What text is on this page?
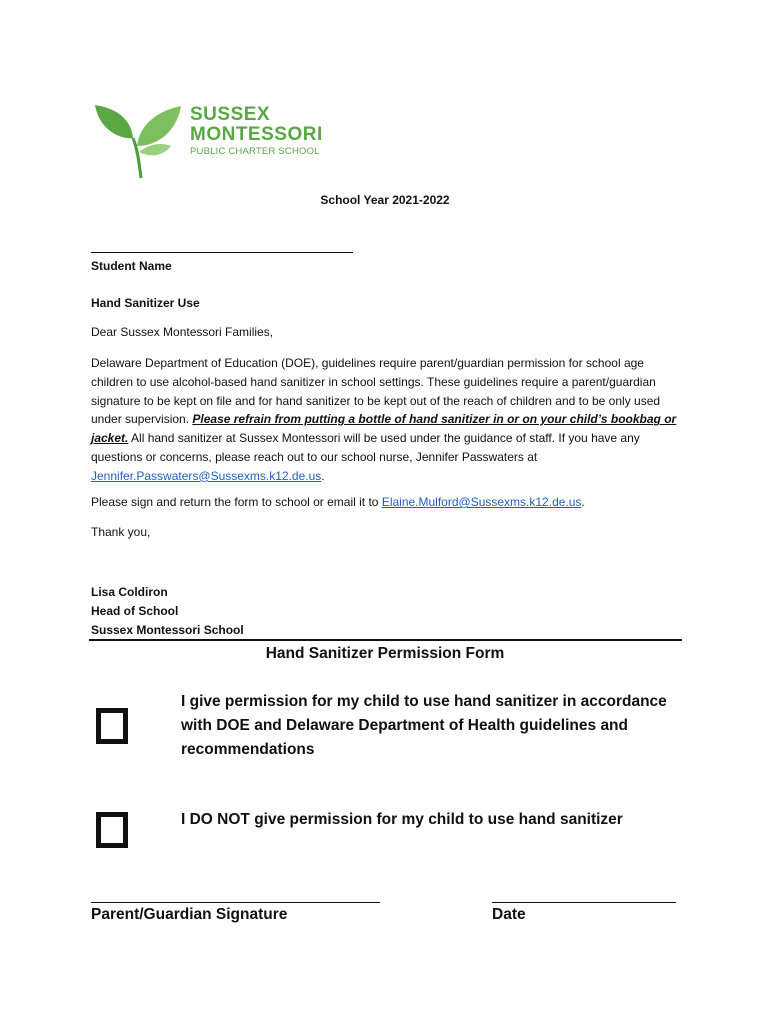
SUSSEX
MONTESSORI
PUBLIC CHARTER SCHOOL
School Year 2021-2022
Student Name
Hand Sanitizer Use
Dear Sussex Montessori Families,
Delaware Department of Education (DOE), guidelines require parent/guardian permission for school age children to use alcohol-based hand sanitizer in school settings. These guidelines require a parent/guardian signature to be kept on file and for hand sanitizer to be kept out of the reach of children and to be only used under supervision. Please refrain from putting a bottle of hand sanitizer in or on your child’s bookbag or jacket. All hand sanitizer at Sussex Montessori will be used under the guidance of staff. If you have any questions or concerns, please reach out to our school nurse, Jennifer Passwaters at Jennifer.Passwaters@Sussexms.k12.de.us.
Please sign and return the form to school or email it to Elaine.Mulford@Sussexms.k12.de.us.
Thank you,
Lisa Coldiron
Head of School
Sussex Montessori School
Hand Sanitizer Permission Form
I give permission for my child to use hand sanitizer in accordance with DOE and Delaware Department of Health guidelines and recommendations
I DO NOT give permission for my child to use hand sanitizer
Parent/Guardian Signature	Date
